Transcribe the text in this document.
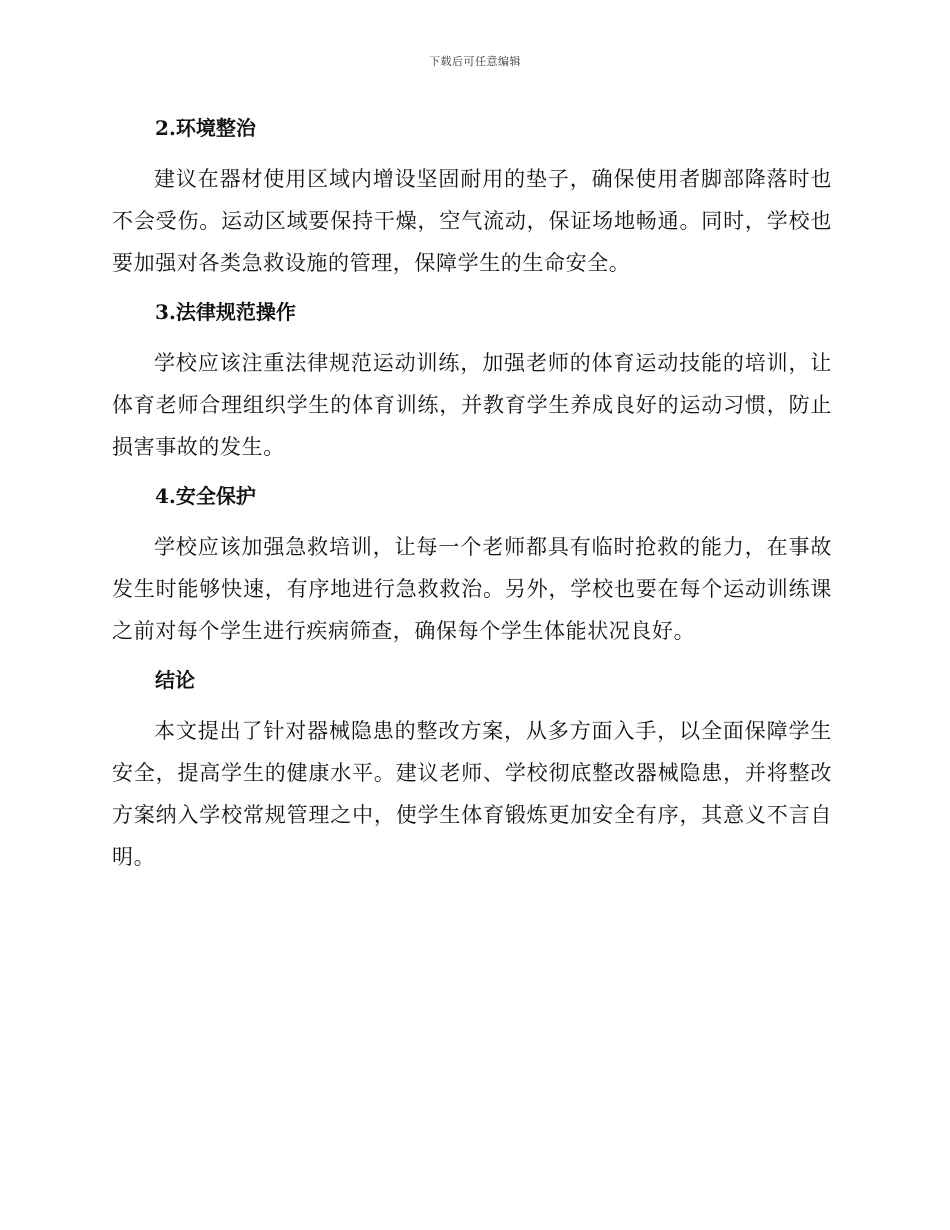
下载后可任意编辑
2.环境整治

建议在器材使用区域内增设坚固耐用的垫子，确保使用者脚部降落时也不会受伤。运动区域要保持干燥，空气流动，保证场地畅通。同时，学校也要加强对各类急救设施的管理，保障学生的生命安全。

3.法律规范操作

学校应该注重法律规范运动训练，加强老师的体育运动技能的培训，让体育老师合理组织学生的体育训练，并教育学生养成良好的运动习惯，防止损害事故的发生。

4.安全保护

学校应该加强急救培训，让每一个老师都具有临时抢救的能力，在事故发生时能够快速，有序地进行急救救治。另外，学校也要在每个运动训练课之前对每个学生进行疾病筛查，确保每个学生体能状况良好。

结论

本文提出了针对器械隐患的整改方案，从多方面入手，以全面保障学生安全，提高学生的健康水平。建议老师、学校彻底整改器械隐患，并将整改方案纳入学校常规管理之中，使学生体育锻炼更加安全有序，其意义不言自明。
